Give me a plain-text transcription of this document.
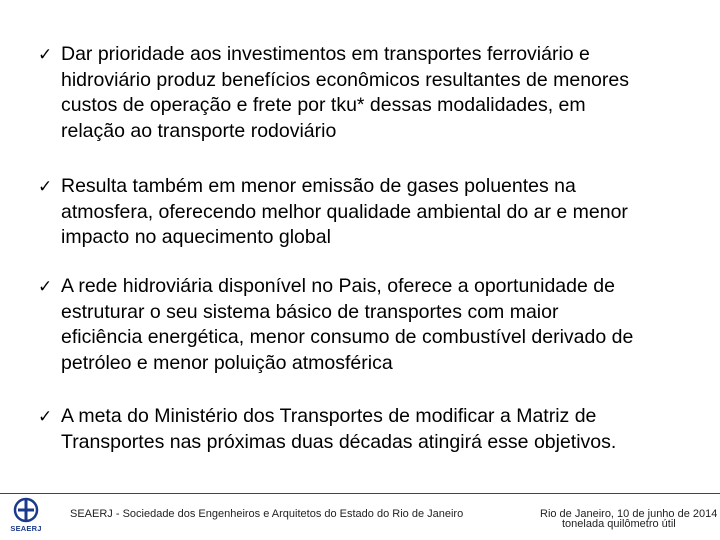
✓ Dar prioridade aos investimentos em transportes ferroviário e
hidroviário produz benefícios econômicos resultantes de menores
custos de operação e frete por tku* dessas modalidades, em
relação ao transporte rodoviário
✓ Resulta também em menor emissão de gases poluentes na
atmosfera, oferecendo melhor qualidade ambiental do ar e menor
impacto no aquecimento global
✓ A rede hidroviária disponível no Pais, oferece a oportunidade de
estruturar o seu sistema básico de transportes com maior
eficiência energética, menor consumo de combustível derivado de
petróleo e menor poluição atmosférica
✓ A meta do Ministério dos Transportes de modificar a Matriz de
Transportes nas próximas duas décadas atingirá esse objetivos.
SEAERJ
SEAERJ - Sociedade dos Engenheiros e Arquitetos do Estado do Rio de Janeiro	Rio de Janeiro, 10 de junho de 2014
tonelada quilômetro útil
